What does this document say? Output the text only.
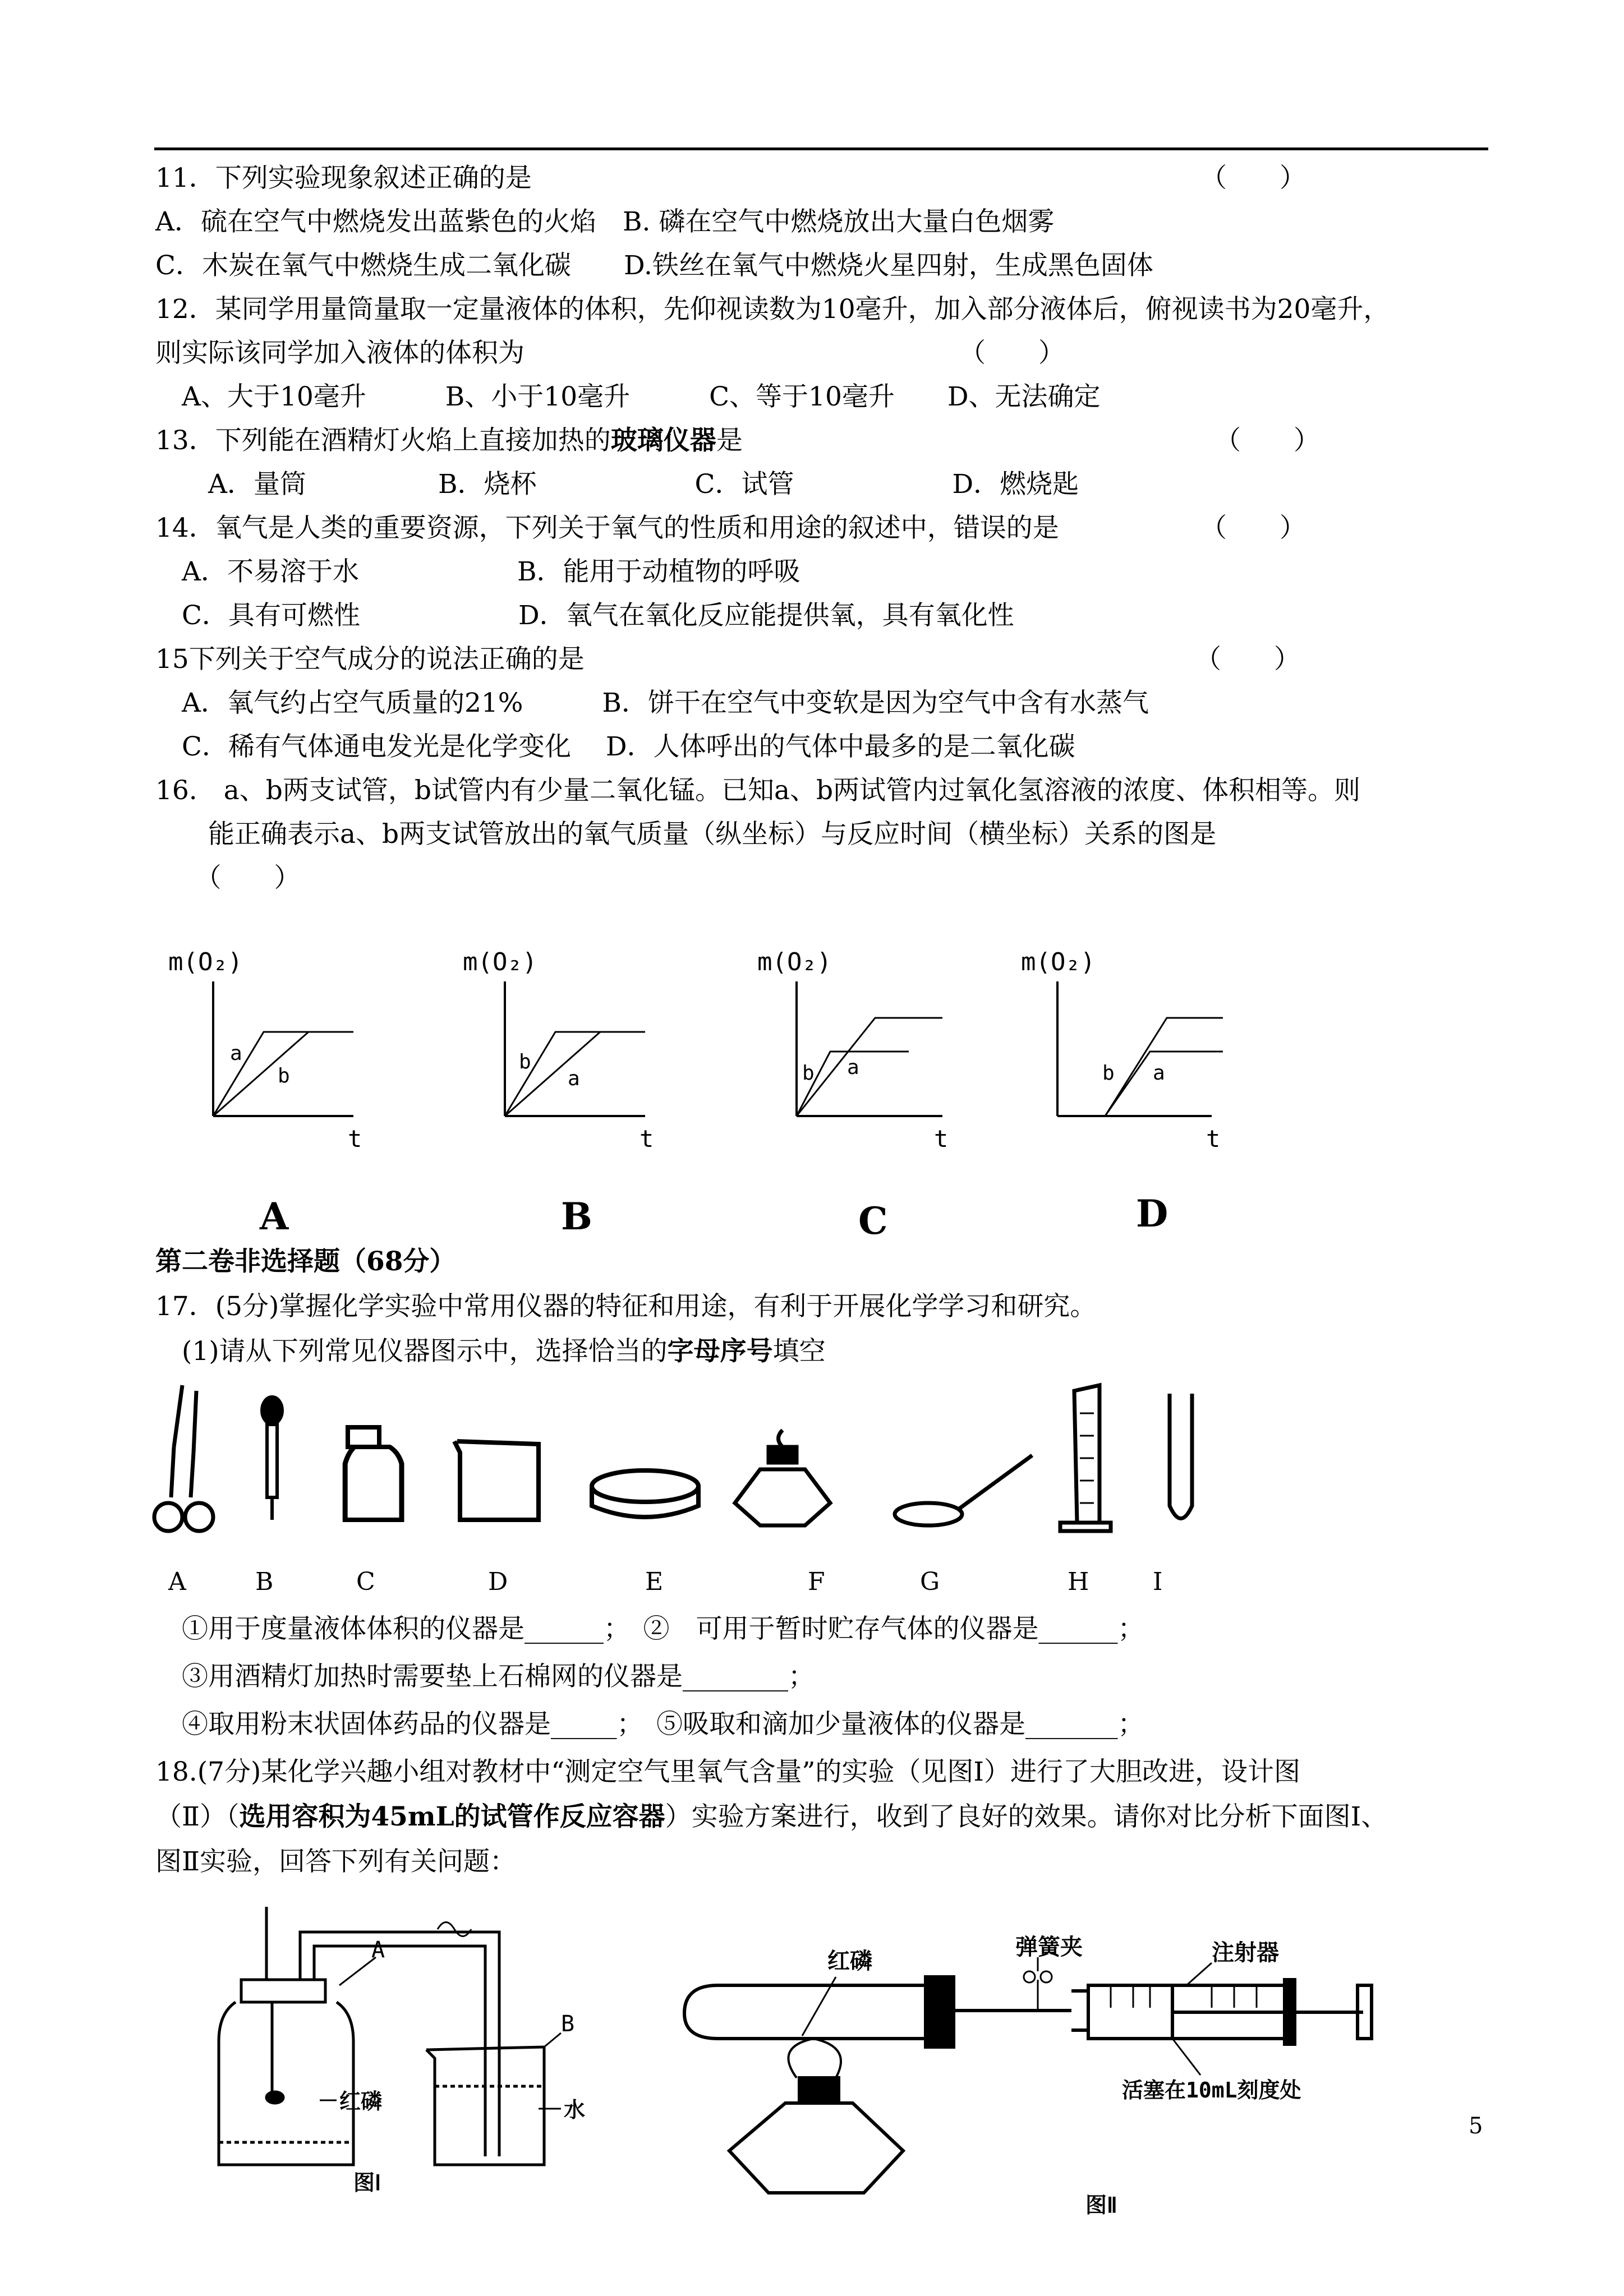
11．下列实验现象叙述正确的是	（　　）
A．硫在空气中燃烧发出蓝紫色的火焰　B. 磷在空气中燃烧放出大量白色烟雾
C．木炭在氧气中燃烧生成二氧化碳　　D.铁丝在氧气中燃烧火星四射，生成黑色固体
12．某同学用量筒量取一定量液体的体积，先仰视读数为10毫升，加入部分液体后，俯视读书为20毫升，
则实际该同学加入液体的体积为	（　　）
　A、大于10毫升　　　B、小于10毫升　　　C、等于10毫升　　D、无法确定
13．下列能在酒精灯火焰上直接加热的玻璃仪器是	（　　）
　　A．量筒　　　　　B．烧杯　　　　　　C．试管　　　　　　D．燃烧匙
14．氧气是人类的重要资源，下列关于氧气的性质和用途的叙述中，错误的是	（　　）
　A．不易溶于水　　　　　　B．能用于动植物的呼吸
　C．具有可燃性　　　　　　D．氧气在氧化反应能提供氧，具有氧化性
15下列关于空气成分的说法正确的是	（　　）
　A．氧气约占空气质量的21%　　　B．饼干在空气中变软是因为空气中含有水蒸气
　C．稀有气体通电发光是化学变化　 D．人体呼出的气体中最多的是二氧化碳
16.　a、b两支试管，b试管内有少量二氧化锰。已知a、b两试管内过氧化氢溶液的浓度、体积相等。则
　　能正确表示a、b两支试管放出的氧气质量（纵坐标）与反应时间（横坐标）关系的图是
　　（　　）
m(O₂)
a
b
t
A
m(O₂)
b
a
t
B
m(O₂)
b a
t
C
m(O₂)
b a
t
D
第二卷非选择题（68分）
17．(5分)掌握化学实验中常用仪器的特征和用途，有利于开展化学学习和研究。
　(1)请从下列常见仪器图示中，选择恰当的字母序号填空
A	B	C	D	E	F	G	H	I
　①用于度量液体体积的仪器是______；　②　可用于暂时贮存气体的仪器是______；
　③用酒精灯加热时需要垫上石棉网的仪器是________；
　④取用粉末状固体药品的仪器是_____；　⑤吸取和滴加少量液体的仪器是_______；
18.(7分)某化学兴趣小组对教材中“测定空气里氧气含量”的实验（见图Ⅰ）进行了大胆改进，设计图
（Ⅱ）（选用容积为45mL的试管作反应容器）实验方案进行，收到了良好的效果。请你对比分析下面图Ⅰ、
图Ⅱ实验，回答下列有关问题：
A
B
红磷	水
图Ⅰ
红磷
弹簧夹	注射器
活塞在10mL刻度处
图Ⅱ
5
